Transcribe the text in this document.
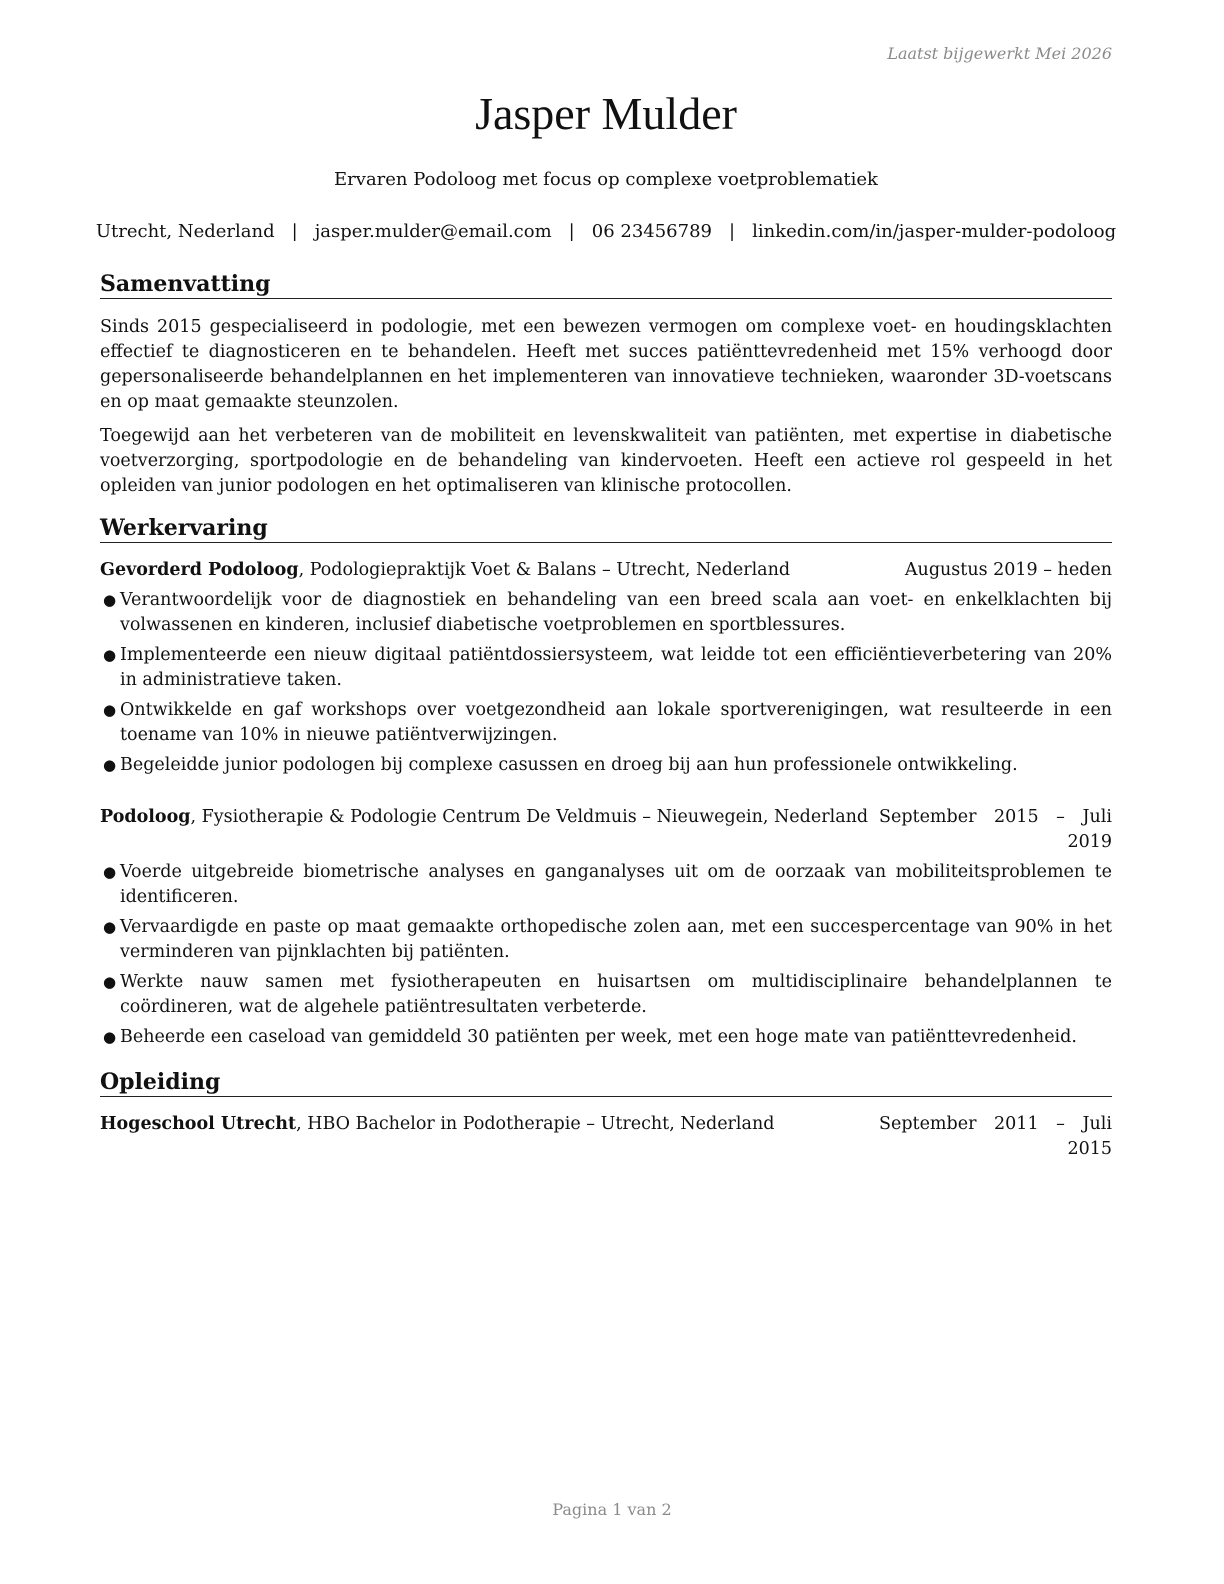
Laatst bijgewerkt Mei 2026
Jasper Mulder
Ervaren Podoloog met focus op complexe voetproblematiek
Utrecht, Nederland | jasper.mulder@email.com | 06 23456789 | linkedin.com/in/jasper-mulder-podoloog
Samenvatting

Sinds 2015 gespecialiseerd in podologie, met een bewezen vermogen om complexe voet- en houdingsklachten effectief te diagnosticeren en te behandelen. Heeft met succes patiënttevredenheid met 15% verhoogd door gepersonaliseerde behandelplannen en het implementeren van innovatieve technieken, waaronder 3D-voetscans en op maat gemaakte steunzolen.

Toegewijd aan het verbeteren van de mobiliteit en levenskwaliteit van patiënten, met expertise in diabetische voetverzorging, sportpodologie en de behandeling van kindervoeten. Heeft een actieve rol gespeeld in het opleiden van junior podologen en het optimaliseren van klinische protocollen.

Werkervaring
Gevorderd Podoloog, Podologiepraktijk Voet & Balans – Utrecht, Nederland	Augustus 2019 – heden
● Verantwoordelijk voor de diagnostiek en behandeling van een breed scala aan voet- en enkelklachten bij volwassenen en kinderen, inclusief diabetische voetproblemen en sportblessures.
● Implementeerde een nieuw digitaal patiëntdossiersysteem, wat leidde tot een efficiëntieverbetering van 20% in administratieve taken.
● Ontwikkelde en gaf workshops over voetgezondheid aan lokale sportverenigingen, wat resulteerde in een toename van 10% in nieuwe patiëntverwijzingen.
● Begeleidde junior podologen bij complexe casussen en droeg bij aan hun professionele ontwikkeling.
Podoloog, Fysiotherapie & Podologie Centrum De Veldmuis – Nieuwegein, Nederland September 2015 – Juli 2019
● Voerde uitgebreide biometrische analyses en ganganalyses uit om de oorzaak van mobiliteitsproblemen te identificeren.
● Vervaardigde en paste op maat gemaakte orthopedische zolen aan, met een succespercentage van 90% in het verminderen van pijnklachten bij patiënten.
● Werkte nauw samen met fysiotherapeuten en huisartsen om multidisciplinaire behandelplannen te coördineren, wat de algehele patiëntresultaten verbeterde.
● Beheerde een caseload van gemiddeld 30 patiënten per week, met een hoge mate van patiënttevredenheid.
Opleiding
Hogeschool Utrecht, HBO Bachelor in Podotherapie – Utrecht, Nederland	September 2011 – Juli 2015
Pagina 1 van 2
